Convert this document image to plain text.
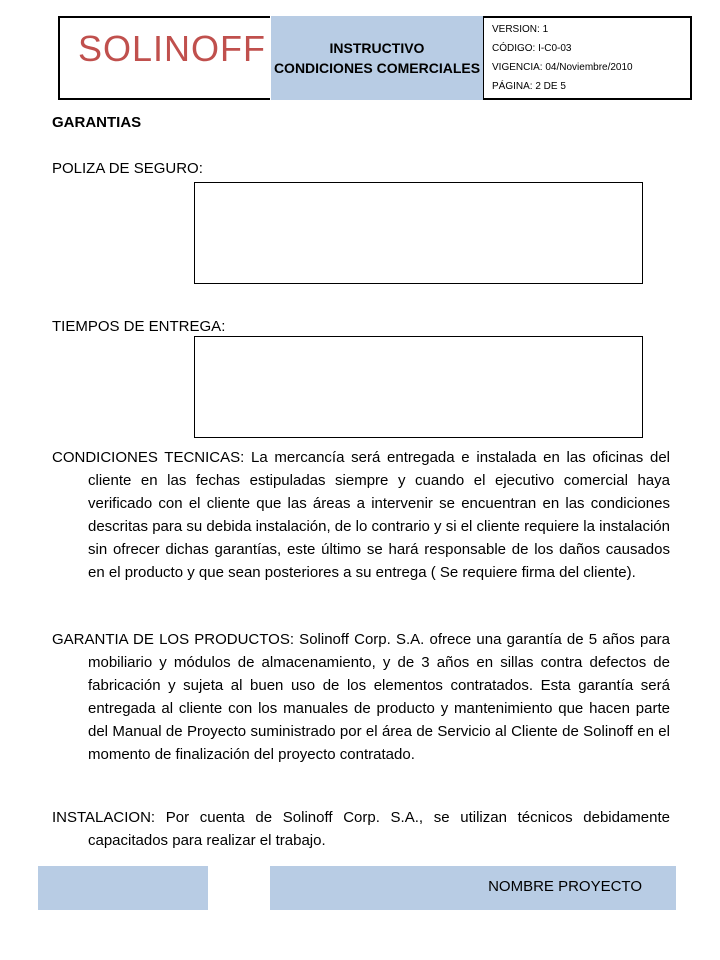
SOLINOFF	INSTRUCTIVO
CONDICIONES COMERCIALES
VERSION: 1
CÓDIGO: I-C0-03
VIGENCIA: 04/Noviembre/2010
PÁGINA: 2 DE 5
GARANTIAS
POLIZA DE SEGURO:
TIEMPOS DE ENTREGA:
CONDICIONES TECNICAS: La mercancía será entregada e instalada en las oficinas del cliente en las fechas estipuladas siempre y cuando el ejecutivo comercial haya verificado con el cliente que las áreas a intervenir se encuentran en las condiciones descritas para su debida instalación, de lo contrario y si el cliente requiere la instalación sin ofrecer dichas garantías, este último se hará responsable de los daños causados en el producto y que sean posteriores a su entrega ( Se requiere firma del cliente).
GARANTIA DE LOS PRODUCTOS: Solinoff Corp. S.A. ofrece una garantía de 5 años para mobiliario y módulos de almacenamiento, y de 3 años en sillas contra defectos de fabricación y sujeta al buen uso de los elementos contratados. Esta garantía será entregada al cliente con los manuales de producto y mantenimiento que hacen parte del Manual de Proyecto suministrado por el área de Servicio al Cliente de Solinoff en el momento de finalización del proyecto contratado.
INSTALACION: Por cuenta de Solinoff Corp. S.A., se utilizan técnicos debidamente capacitados para realizar el trabajo.
NOMBRE PROYECTO
